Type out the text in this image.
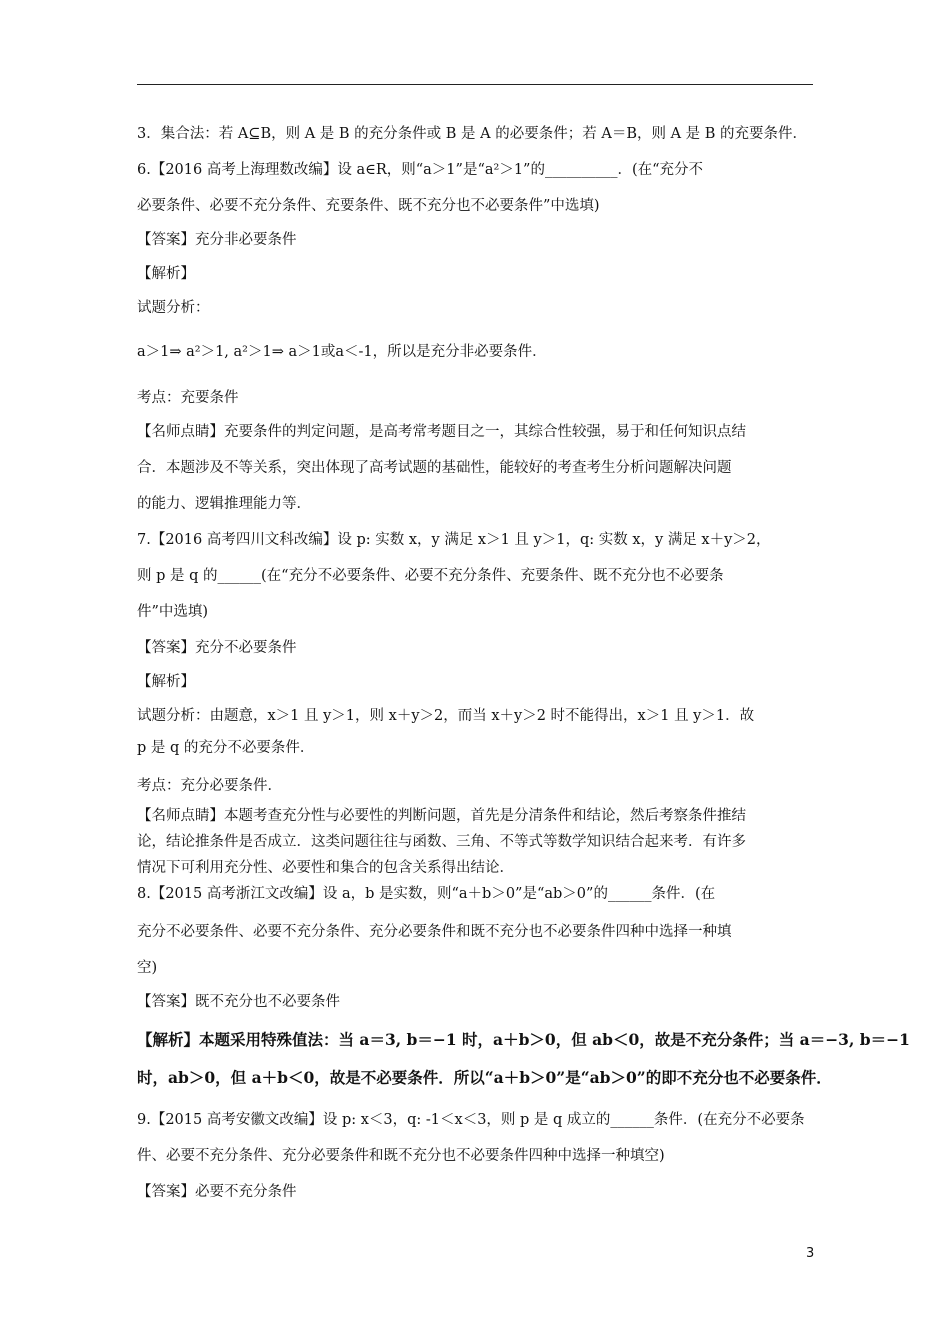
3．集合法：若 A⊆B，则 A 是 B 的充分条件或 B 是 A 的必要条件；若 A＝B，则 A 是 B 的充要条件．
6.【2016 高考上海理数改编】设 a∈R，则“a＞1”是“a²＞1”的__________．(在“充分不
必要条件、必要不充分条件、充要条件、既不充分也不必要条件”中选填)
【答案】充分非必要条件
【解析】
试题分析：
a＞1⇒ a²＞1, a²＞1⇒ a＞1或a＜-1，所以是充分非必要条件．
考点：充要条件
【名师点睛】充要条件的判定问题，是高考常考题目之一，其综合性较强，易于和任何知识点结
合．本题涉及不等关系，突出体现了高考试题的基础性，能较好的考查考生分析问题解决问题
的能力、逻辑推理能力等．
7.【2016 高考四川文科改编】设 p: 实数 x，y 满足 x＞1 且 y＞1，q: 实数 x，y 满足 x＋y＞2，
则 p 是 q 的______(在“充分不必要条件、必要不充分条件、充要条件、既不充分也不必要条
件”中选填)
【答案】充分不必要条件
【解析】
试题分析：由题意，x＞1 且 y＞1，则 x＋y＞2，而当 x＋y＞2 时不能得出，x＞1 且 y＞1．故
p 是 q 的充分不必要条件．
考点：充分必要条件．
【名师点睛】本题考查充分性与必要性的判断问题，首先是分清条件和结论，然后考察条件推结
论，结论推条件是否成立．这类问题往往与函数、三角、不等式等数学知识结合起来考．有许多
情况下可利用充分性、必要性和集合的包含关系得出结论．
8.【2015 高考浙江文改编】设 a，b 是实数，则“a＋b＞0”是“ab＞0”的______条件．(在
充分不必要条件、必要不充分条件、充分必要条件和既不充分也不必要条件四种中选择一种填
空)
【答案】既不充分也不必要条件
【解析】本题采用特殊值法：当 a＝3, b＝−1 时，a＋b＞0，但 ab＜0，故是不充分条件；当 a＝−3, b＝−1
时，ab＞0，但 a＋b＜0，故是不必要条件．所以“a＋b＞0”是“ab＞0”的即不充分也不必要条件．
9.【2015 高考安徽文改编】设 p: x＜3，q: -1＜x＜3，则 p 是 q 成立的______条件．(在充分不必要条
件、必要不充分条件、充分必要条件和既不充分也不必要条件四种中选择一种填空)
【答案】必要不充分条件
3
